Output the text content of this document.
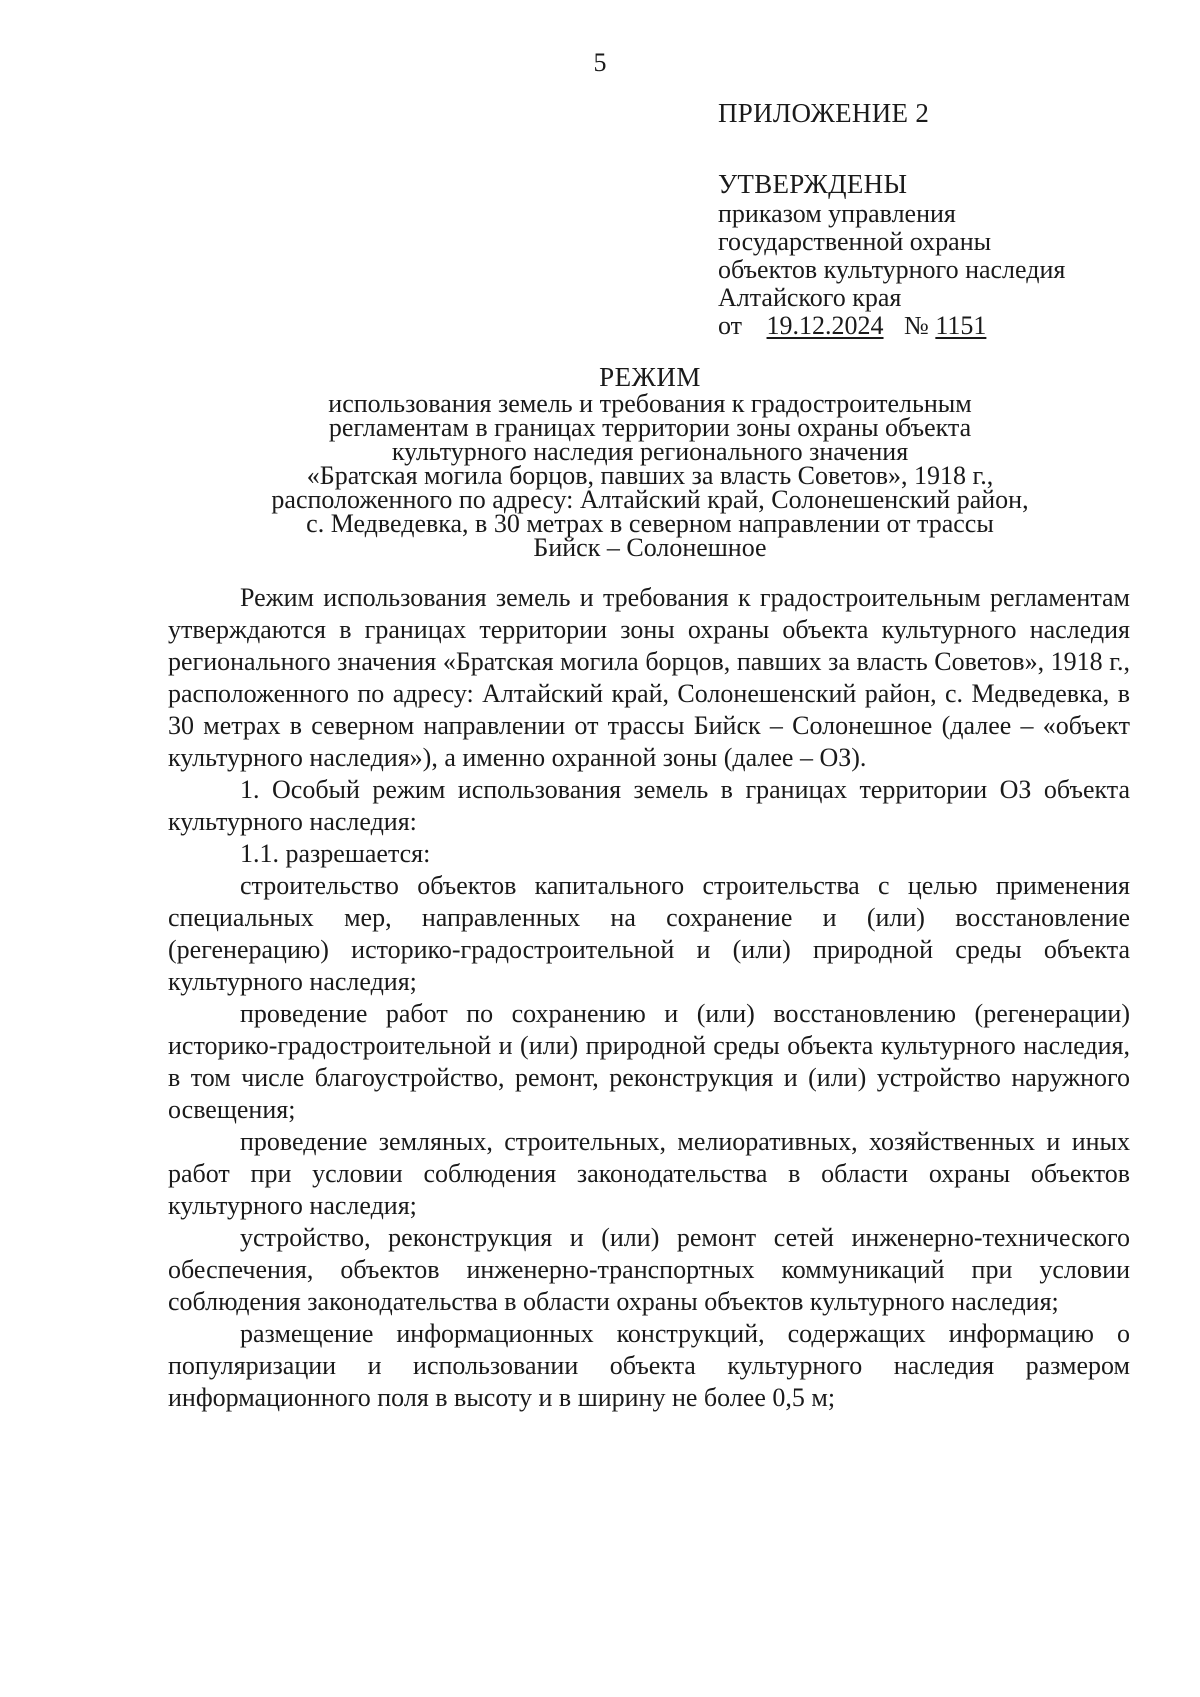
5
ПРИЛОЖЕНИЕ 2
УТВЕРЖДЕНЫ
приказом управления
государственной охраны
объектов культурного наследия
Алтайского края
от 19.12.2024 № 1151
РЕЖИМ
использования земель и требования к градостроительным
регламентам в границах территории зоны охраны объекта
культурного наследия регионального значения
«Братская могила борцов, павших за власть Советов», 1918 г.,
расположенного по адресу: Алтайский край, Солонешенский район,
с. Медведевка, в 30 метрах в северном направлении от трассы
Бийск – Солонешное

Режим использования земель и требования к градостроительным регламентам утверждаются в границах территории зоны охраны объекта культурного наследия регионального значения «Братская могила борцов, павших за власть Советов», 1918 г., расположенного по адресу: Алтайский край, Солонешенский район, с. Медведевка, в 30 метрах в северном направлении от трассы Бийск – Солонешное (далее – «объект культурного наследия»), а именно охранной зоны (далее – ОЗ).

1. Особый режим использования земель в границах территории ОЗ объекта культурного наследия:

1.1. разрешается:

строительство объектов капитального строительства с целью применения специальных мер, направленных на сохранение и (или) восстановление (регенерацию) историко-градостроительной и (или) природной среды объекта культурного наследия;

проведение работ по сохранению и (или) восстановлению (регенерации) историко-градостроительной и (или) природной среды объекта культурного наследия, в том числе благоустройство, ремонт, реконструкция и (или) устройство наружного освещения;

проведение земляных, строительных, мелиоративных, хозяйственных и иных работ при условии соблюдения законодательства в области охраны объектов культурного наследия;

устройство, реконструкция и (или) ремонт сетей инженерно-технического обеспечения, объектов инженерно-транспортных коммуникаций при условии соблюдения законодательства в области охраны объектов культурного наследия;

размещение информационных конструкций, содержащих информацию о популяризации и использовании объекта культурного наследия размером информационного поля в высоту и в ширину не более 0,5 м;
